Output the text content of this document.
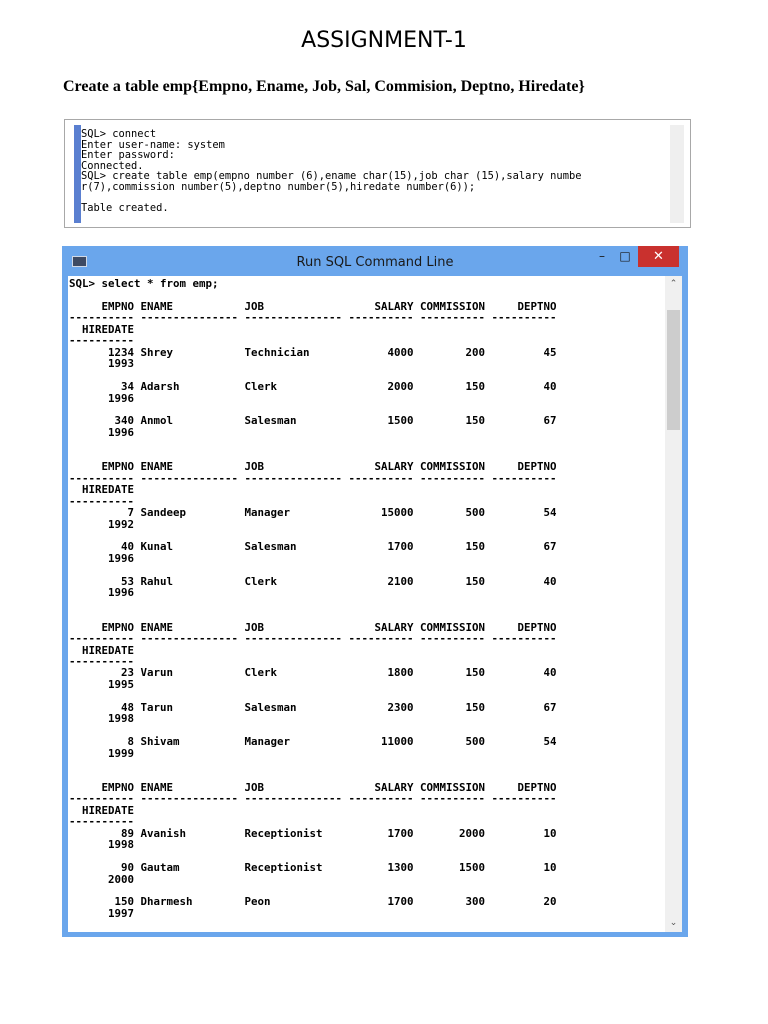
ASSIGNMENT-1
Create a table emp{Empno, Ename, Job, Sal, Commision, Deptno, Hiredate}
SQL> connect
Enter user-name: system
Enter password:
Connected.
SQL> create table emp(empno number (6),ename char(15),job char (15),salary numbe
r(7),commission number(5),deptno number(5),hiredate number(6));

Table created.

Run SQL Command Line	–	□	✕
SQL> select * from emp;

EMPNO ENAME           JOB                 SALARY COMMISSION     DEPTNO
---------- --------------- --------------- ---------- ---------- ----------
HIREDATE
----------
1234 Shrey           Technician            4000        200         45
1993

34 Adarsh          Clerk                 2000        150         40
1996

340 Anmol           Salesman              1500        150         67
1996

EMPNO ENAME           JOB                 SALARY COMMISSION     DEPTNO
---------- --------------- --------------- ---------- ---------- ----------
HIREDATE
----------
7 Sandeep         Manager              15000        500         54
1992

40 Kunal           Salesman              1700        150         67
1996

53 Rahul           Clerk                 2100        150         40
1996

EMPNO ENAME           JOB                 SALARY COMMISSION     DEPTNO
---------- --------------- --------------- ---------- ---------- ----------
HIREDATE
----------
23 Varun           Clerk                 1800        150         40
1995

48 Tarun           Salesman              2300        150         67
1998

8 Shivam          Manager              11000        500         54
1999

EMPNO ENAME           JOB                 SALARY COMMISSION     DEPTNO
---------- --------------- --------------- ---------- ---------- ----------
HIREDATE
----------
89 Avanish         Receptionist          1700       2000         10
1998

90 Gautam          Receptionist          1300       1500         10
2000

150 Dharmesh        Peon                  1700        300         20
1997

⌃
⌄
